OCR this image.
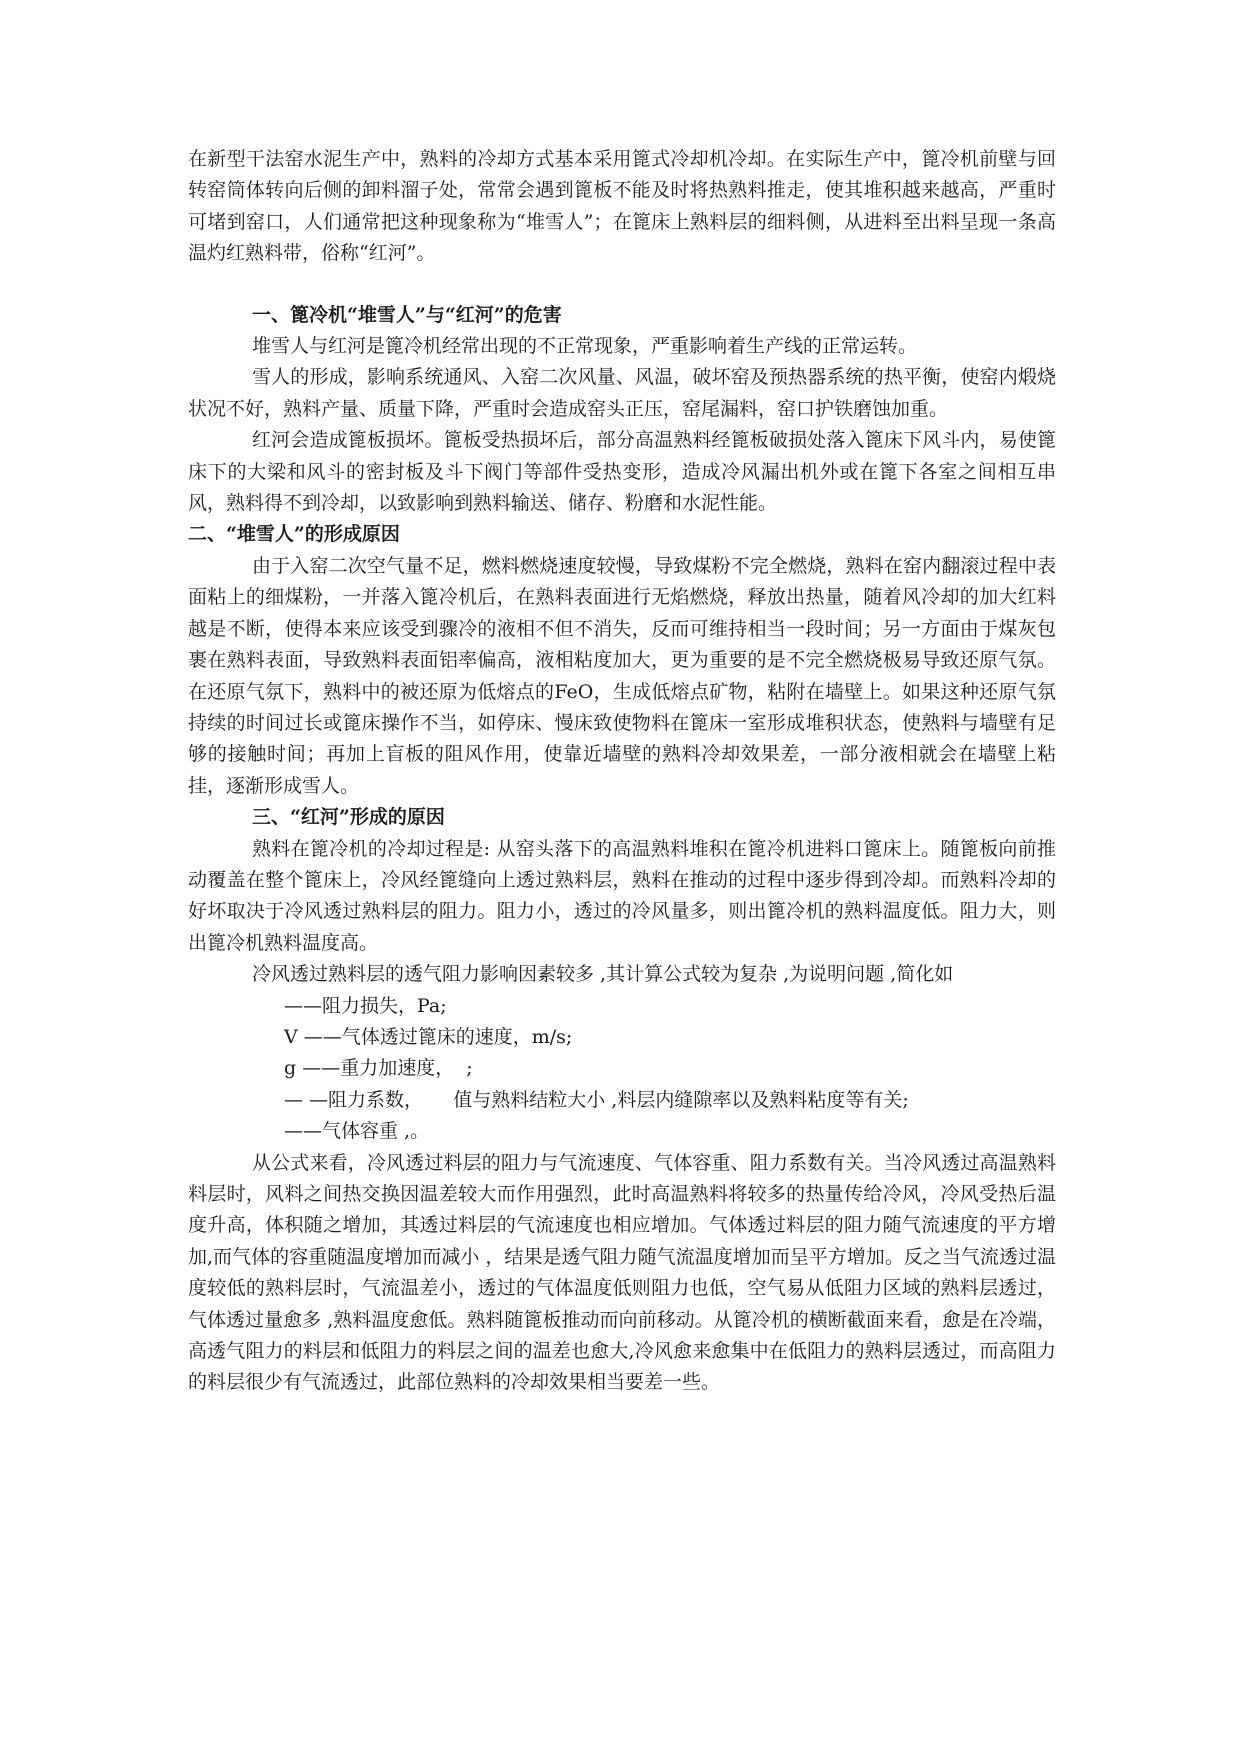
在新型干法窑水泥生产中，熟料的冷却方式基本采用篦式冷却机冷却。在实际生产中，篦冷机前壁与回转窑筒体转向后侧的卸料溜子处，常常会遇到篦板不能及时将热熟料推走，使其堆积越来越高，严重时可堵到窑口，人们通常把这种现象称为“堆雪人”；在篦床上熟料层的细料侧，从进料至出料呈现一条高温灼红熟料带，俗称“红河”。

一、篦冷机“堆雪人”与“红河”的危害

堆雪人与红河是篦冷机经常出现的不正常现象，严重影响着生产线的正常运转。

雪人的形成，影响系统通风、入窑二次风量、风温，破坏窑及预热器系统的热平衡，使窑内煅烧状况不好，熟料产量、质量下降，严重时会造成窑头正压，窑尾漏料，窑口护铁磨蚀加重。

红河会造成篦板损坏。篦板受热损坏后，部分高温熟料经篦板破损处落入篦床下风斗内，易使篦床下的大梁和风斗的密封板及斗下阀门等部件受热变形，造成冷风漏出机外或在篦下各室之间相互串风，熟料得不到冷却，以致影响到熟料输送、储存、粉磨和水泥性能。

二、“堆雪人”的形成原因

由于入窑二次空气量不足，燃料燃烧速度较慢，导致煤粉不完全燃烧，熟料在窑内翻滚过程中表面粘上的细煤粉，一并落入篦冷机后，在熟料表面进行无焰燃烧，释放出热量，随着风冷却的加大红料越是不断，使得本来应该受到骤冷的液相不但不消失，反而可维持相当一段时间；另一方面由于煤灰包裹在熟料表面，导致熟料表面铝率偏高，液相粘度加大，更为重要的是不完全燃烧极易导致还原气氛。在还原气氛下，熟料中的被还原为低熔点的FeO，生成低熔点矿物，粘附在墙壁上。如果这种还原气氛持续的时间过长或篦床操作不当，如停床、慢床致使物料在篦床一室形成堆积状态，使熟料与墙壁有足够的接触时间；再加上盲板的阻风作用，使靠近墙壁的熟料冷却效果差，一部分液相就会在墙壁上粘挂，逐渐形成雪人。

三、“红河”形成的原因

熟料在篦冷机的冷却过程是: 从窑头落下的高温熟料堆积在篦冷机进料口篦床上。随篦板向前推动覆盖在整个篦床上，冷风经篦缝向上透过熟料层，熟料在推动的过程中逐步得到冷却。而熟料冷却的好坏取决于冷风透过熟料层的阻力。阻力小，透过的冷风量多，则出篦冷机的熟料温度低。阻力大，则出篦冷机熟料温度高。

冷风透过熟料层的透气阻力影响因素较多 ,其计算公式较为复杂 ,为说明问题 ,简化如

——阻力损失，Pa;

V ——气体透过篦床的速度，m/s;

g ——重力加速度，  ;

— —阻力系数，     值与熟料结粒大小 ,料层内缝隙率以及熟料粘度等有关;

——气体容重 ,。

从公式来看，冷风透过料层的阻力与气流速度、气体容重、阻力系数有关。当冷风透过高温熟料料层时，风料之间热交换因温差较大而作用强烈，此时高温熟料将较多的热量传给冷风，冷风受热后温度升高，体积随之增加，其透过料层的气流速度也相应增加。气体透过料层的阻力随气流速度的平方增加,而气体的容重随温度增加而减小 ，结果是透气阻力随气流温度增加而呈平方增加。反之当气流透过温度较低的熟料层时，气流温差小，透过的气体温度低则阻力也低，空气易从低阻力区域的熟料层透过，气体透过量愈多 ,熟料温度愈低。熟料随篦板推动而向前移动。从篦冷机的横断截面来看，愈是在冷端，高透气阻力的料层和低阻力的料层之间的温差也愈大,冷风愈来愈集中在低阻力的熟料层透过，而高阻力的料层很少有气流透过，此部位熟料的冷却效果相当要差一些。
